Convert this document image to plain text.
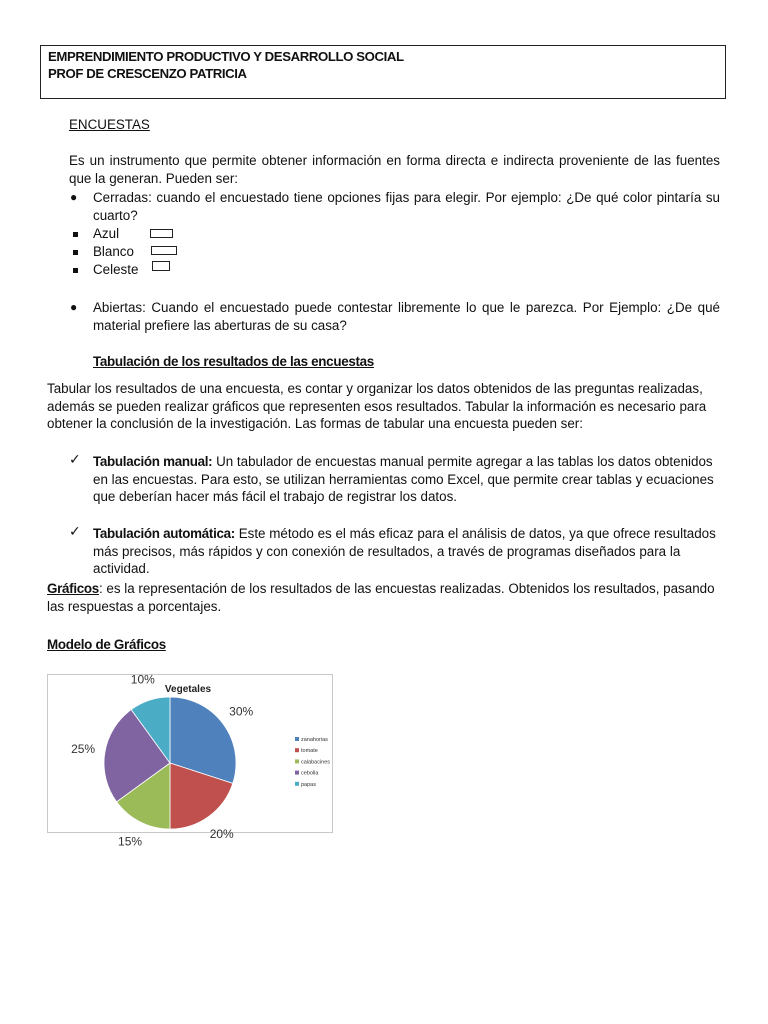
EMPRENDIMIENTO PRODUCTIVO Y DESARROLLO SOCIAL
PROF DE CRESCENZO PATRICIA
ENCUESTAS
Es un instrumento que permite obtener información en forma directa e indirecta proveniente de las fuentes que la generan. Pueden ser:
● Cerradas: cuando el encuestado tiene opciones fijas para elegir. Por ejemplo: ¿De qué color pintaría su cuarto?
Azul
Blanco
Celeste
● Abiertas: Cuando el encuestado puede contestar libremente lo que le parezca. Por Ejemplo: ¿De qué material prefiere las aberturas de su casa?
Tabulación de los resultados de las encuestas
Tabular los resultados de una encuesta, es contar y organizar los datos obtenidos de las preguntas realizadas, además se pueden realizar gráficos que representen esos resultados. Tabular la información es necesario para obtener la conclusión de la investigación. Las formas de tabular una encuesta pueden ser:
✓ Tabulación manual: Un tabulador de encuestas manual permite agregar a las tablas los datos obtenidos en las encuestas. Para esto, se utilizan herramientas como Excel, que permite crear tablas y ecuaciones que deberían hacer más fácil el trabajo de registrar los datos.
✓ Tabulación automática: Este método es el más eficaz para el análisis de datos, ya que ofrece resultados más precisos, más rápidos y con conexión de resultados, a través de programas diseñados para la actividad.
Gráficos: es la representación de los resultados de las encuestas realizadas. Obtenidos los resultados, pasando las respuestas a porcentajes.
Modelo de Gráficos
Vegetales
30%
20%
15%
25%
10%
zanahorias
tomate
calabacines
cebolla
papas
